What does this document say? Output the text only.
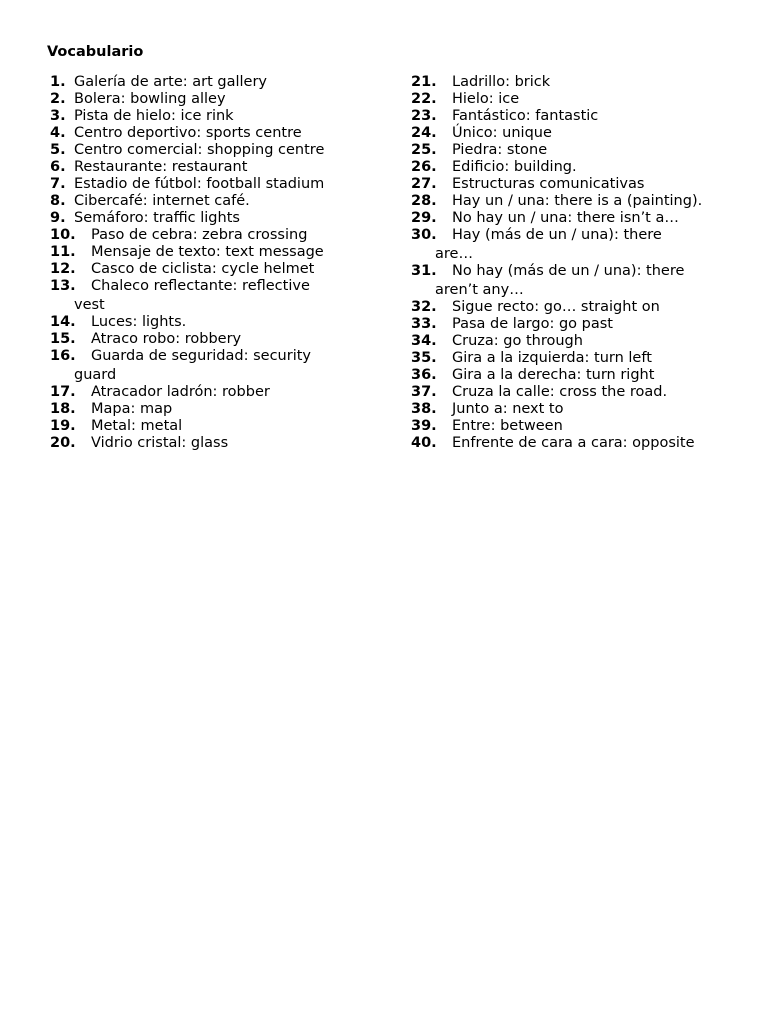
Vocabulario
1. Galería de arte: art gallery
2. Bolera: bowling alley
3. Pista de hielo: ice rink
4. Centro deportivo: sports centre
5. Centro comercial: shopping centre
6. Restaurante: restaurant
7. Estadio de fútbol: football stadium
8. Cibercafé: internet café.
9. Semáforo: traffic lights
10. Paso de cebra: zebra crossing
11. Mensaje de texto: text message
12. Casco de ciclista: cycle helmet
13. Chaleco reflectante: reflective
vest
14. Luces: lights.
15. Atraco robo: robbery
16. Guarda de seguridad: security
guard
17. Atracador ladrón: robber
18. Mapa: map
19. Metal: metal
20. Vidrio cristal: glass
21. Ladrillo: brick
22. Hielo: ice
23. Fantástico: fantastic
24. Único: unique
25. Piedra: stone
26. Edificio: building.
27. Estructuras comunicativas
28. Hay un / una: there is a (painting).
29. No hay un / una: there isn’t a…
30. Hay (más de un / una): there
are…
31. No hay (más de un / una): there
aren’t any…
32. Sigue recto: go… straight on
33. Pasa de largo: go past
34. Cruza: go through
35. Gira a la izquierda: turn left
36. Gira a la derecha: turn right
37. Cruza la calle: cross the road.
38. Junto a: next to
39. Entre: between
40. Enfrente de cara a cara: opposite
